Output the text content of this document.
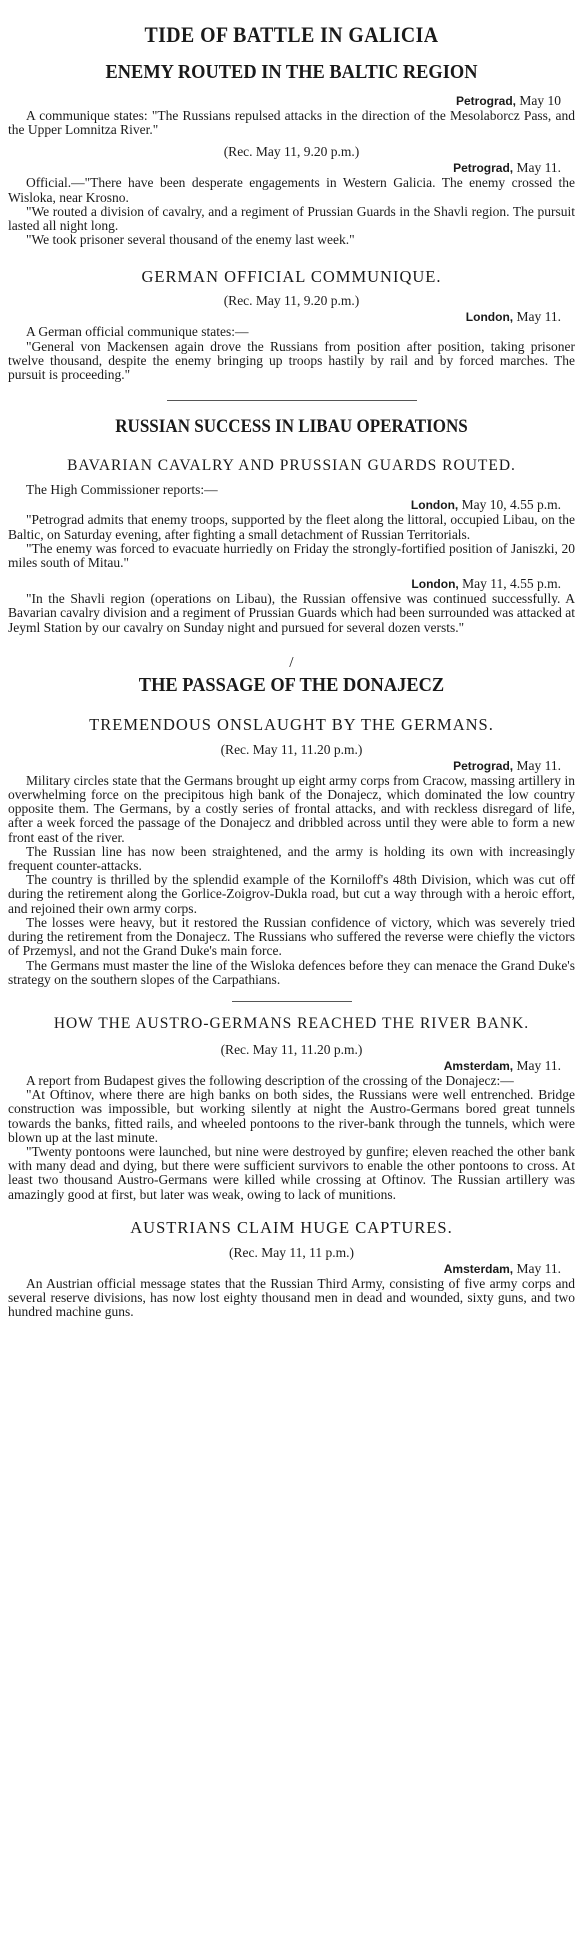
TIDE OF BATTLE IN GALICIA
ENEMY ROUTED IN THE BALTIC REGION

Petrograd, May 10

A communique states: "The Russians repulsed attacks in the direction of the Mesolaborcz Pass, and the Upper Lomnitza River."

(Rec. May 11, 9.20 p.m.)

Petrograd, May 11.

Official.—"There have been desperate engagements in Western Galicia. The enemy crossed the Wisloka, near Krosno.

"We routed a division of cavalry, and a regiment of Prussian Guards in the Shavli region. The pursuit lasted all night long.

"We took prisoner several thousand of the enemy last week."

GERMAN OFFICIAL COMMUNIQUE.

(Rec. May 11, 9.20 p.m.)

London, May 11.

A German official communique states:—

"General von Mackensen again drove the Russians from position after position, taking prisoner twelve thousand, despite the enemy bringing up troops hastily by rail and by forced marches. The pursuit is proceeding."

RUSSIAN SUCCESS IN LIBAU OPERATIONS
BAVARIAN CAVALRY AND PRUSSIAN GUARDS ROUTED.

The High Commissioner reports:—

London, May 10, 4.55 p.m.

"Petrograd admits that enemy troops, supported by the fleet along the littoral, occupied Libau, on the Baltic, on Saturday evening, after fighting a small detachment of Russian Territorials.

"The enemy was forced to evacuate hurriedly on Friday the strongly-fortified position of Janiszki, 20 miles south of Mitau."

London, May 11, 4.55 p.m.

"In the Shavli region (operations on Libau), the Russian offensive was continued successfully. A Bavarian cavalry division and a regiment of Prussian Guards which had been surrounded was attacked at Jeyml Station by our cavalry on Sunday night and pursued for several dozen versts."

/
THE PASSAGE OF THE DONAJECZ
TREMENDOUS ONSLAUGHT BY THE GERMANS.

(Rec. May 11, 11.20 p.m.)

Petrograd, May 11.

Military circles state that the Germans brought up eight army corps from Cracow, massing artillery in overwhelming force on the precipitous high bank of the Donajecz, which dominated the low country opposite them. The Germans, by a costly series of frontal attacks, and with reckless disregard of life, after a week forced the passage of the Donajecz and dribbled across until they were able to form a new front east of the river.

The Russian line has now been straightened, and the army is holding its own with increasingly frequent counter-attacks.

The country is thrilled by the splendid example of the Korniloff's 48th Division, which was cut off during the retirement along the Gorlice-Zoigrov-Dukla road, but cut a way through with a heroic effort, and rejoined their own army corps.

The losses were heavy, but it restored the Russian confidence of victory, which was severely tried during the retirement from the Donajecz. The Russians who suffered the reverse were chiefly the victors of Przemysl, and not the Grand Duke's main force.

The Germans must master the line of the Wisloka defences before they can menace the Grand Duke's strategy on the southern slopes of the Carpathians.

HOW THE AUSTRO-GERMANS REACHED THE RIVER BANK.

(Rec. May 11, 11.20 p.m.)

Amsterdam, May 11.

A report from Budapest gives the following description of the crossing of the Donajecz:—

"At Oftinov, where there are high banks on both sides, the Russians were well entrenched. Bridge construction was impossible, but working silently at night the Austro-Germans bored great tunnels towards the banks, fitted rails, and wheeled pontoons to the river-bank through the tunnels, which were blown up at the last minute.

"Twenty pontoons were launched, but nine were destroyed by gunfire; eleven reached the other bank with many dead and dying, but there were sufficient survivors to enable the other pontoons to cross. At least two thousand Austro-Germans were killed while crossing at Oftinov. The Russian artillery was amazingly good at first, but later was weak, owing to lack of munitions.

AUSTRIANS CLAIM HUGE CAPTURES.

(Rec. May 11, 11 p.m.)

Amsterdam, May 11.

An Austrian official message states that the Russian Third Army, consisting of five army corps and several reserve divisions, has now lost eighty thousand men in dead and wounded, sixty guns, and two hundred machine guns.
